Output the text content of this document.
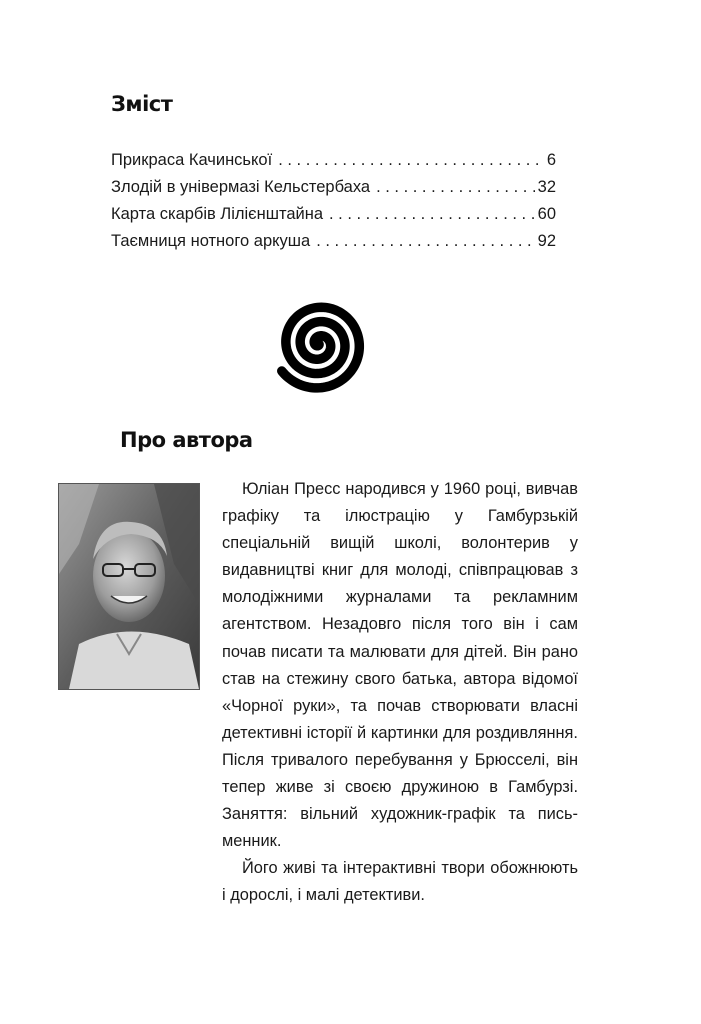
Зміст
Прикраса Качинської . . .	6
Злодій в універмазі Кельстербаха . . .	32
Карта скарбів Лілієнштайна . . .	60
Таємниця нотного аркуша . . .	92
Про автора

Юліан Пресс народився у 1960 році, вивчав графіку та ілюстрацію у Гамбурзькій спеціальній вищій школі, волонтерив у видавництві книг для молоді, співпрацював з молодіжними журналами та рекламним агентством. Незадовго після того він і сам почав писати та малювати для дітей. Він рано став на стежину свого батька, автора відомої «Чорної руки», та почав створювати власні детективні історії й картинки для роздивляння. Після тривалого перебування у Брюсселі, він тепер живе зі своєю дружиною в Гамбурзі. Заняття: вільний художник-графік та письменник.

Його живі та інтерактивні твори обожнюють і дорослі, і малі детективи.
